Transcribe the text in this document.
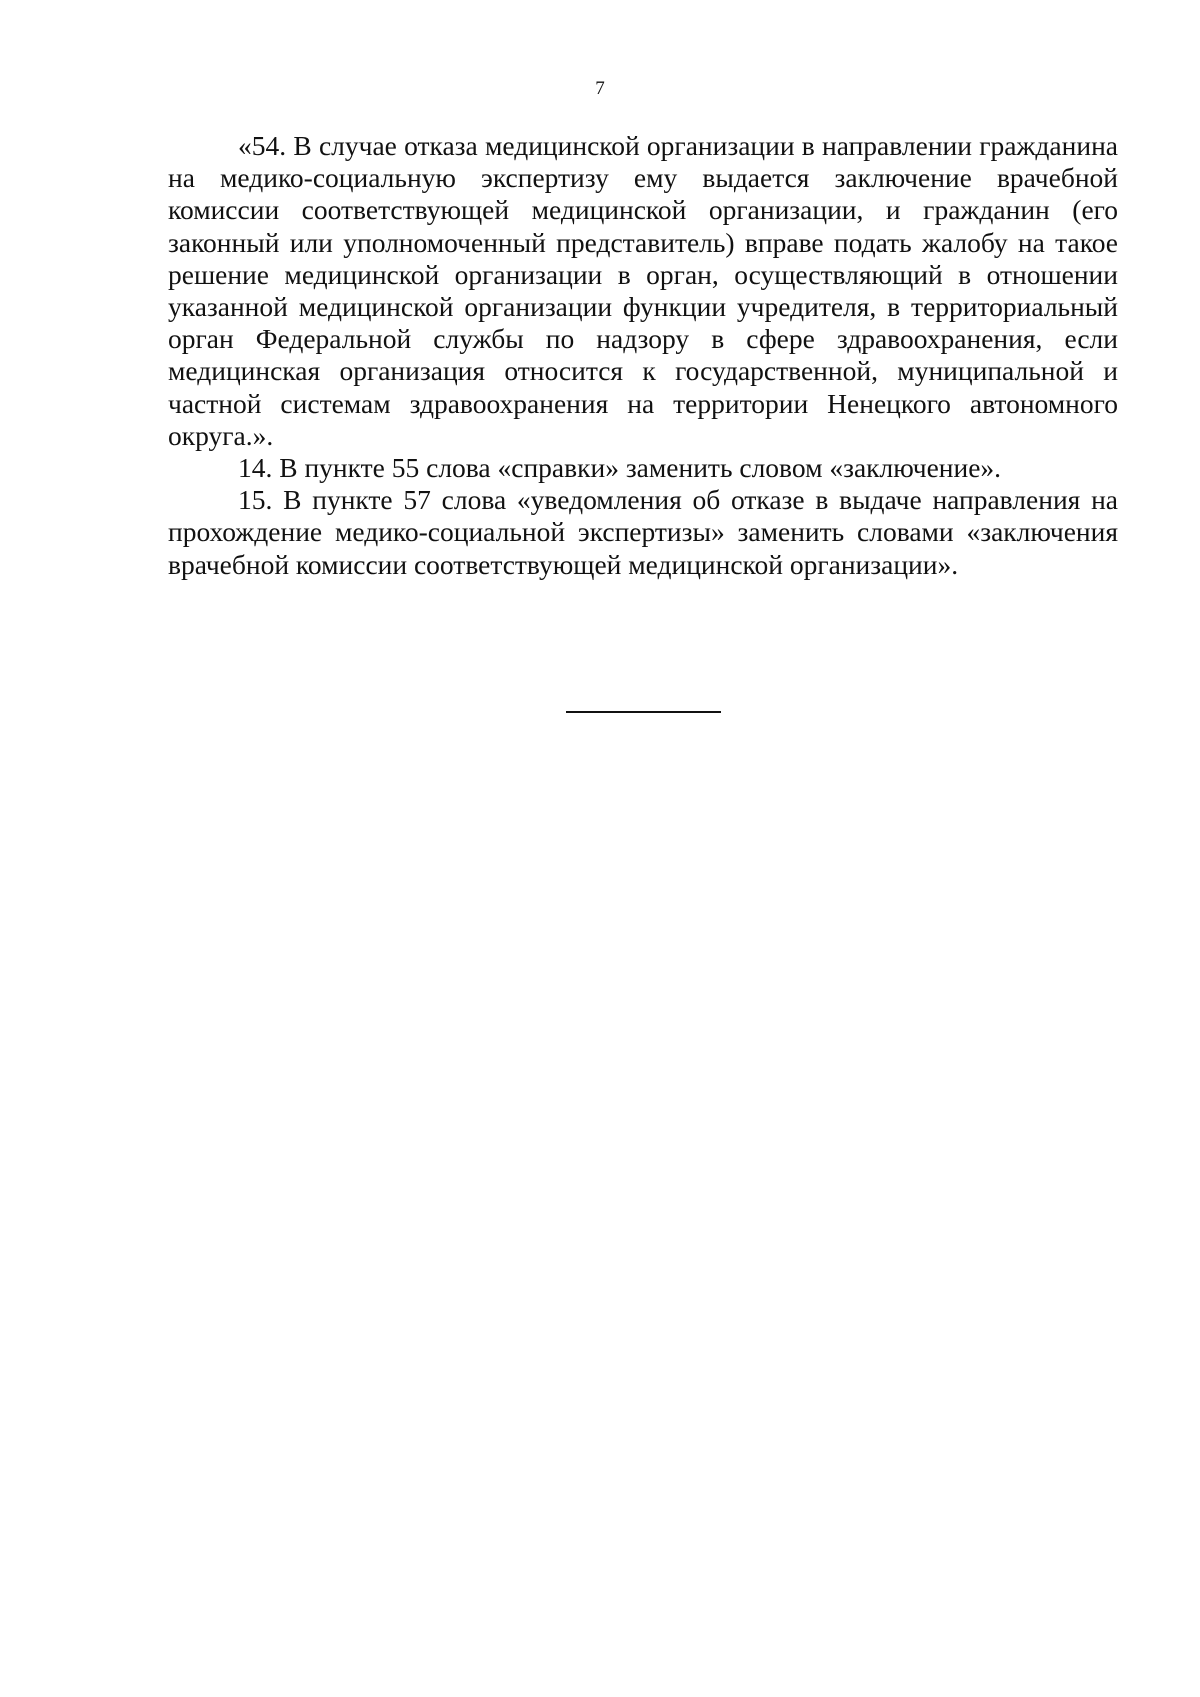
7

«54. В случае отказа медицинской организации в направлении гражданина на медико-социальную экспертизу ему выдается заключение врачебной комиссии соответствующей медицинской организации, и гражданин (его законный или уполномоченный представитель) вправе подать жалобу на такое решение медицинской организации в орган, осуществляющий в отношении указанной медицинской организации функции учредителя, в территориальный орган Федеральной службы по надзору в сфере здравоохранения, если медицинская организация относится к государственной, муниципальной и частной системам здравоохранения на территории Ненецкого автономного округа.».

14. В пункте 55 слова «справки» заменить словом «заключение».

15. В пункте 57 слова «уведомления об отказе в выдаче направления на прохождение медико-социальной экспертизы» заменить словами «заключения врачебной комиссии соответствующей медицинской организации».
